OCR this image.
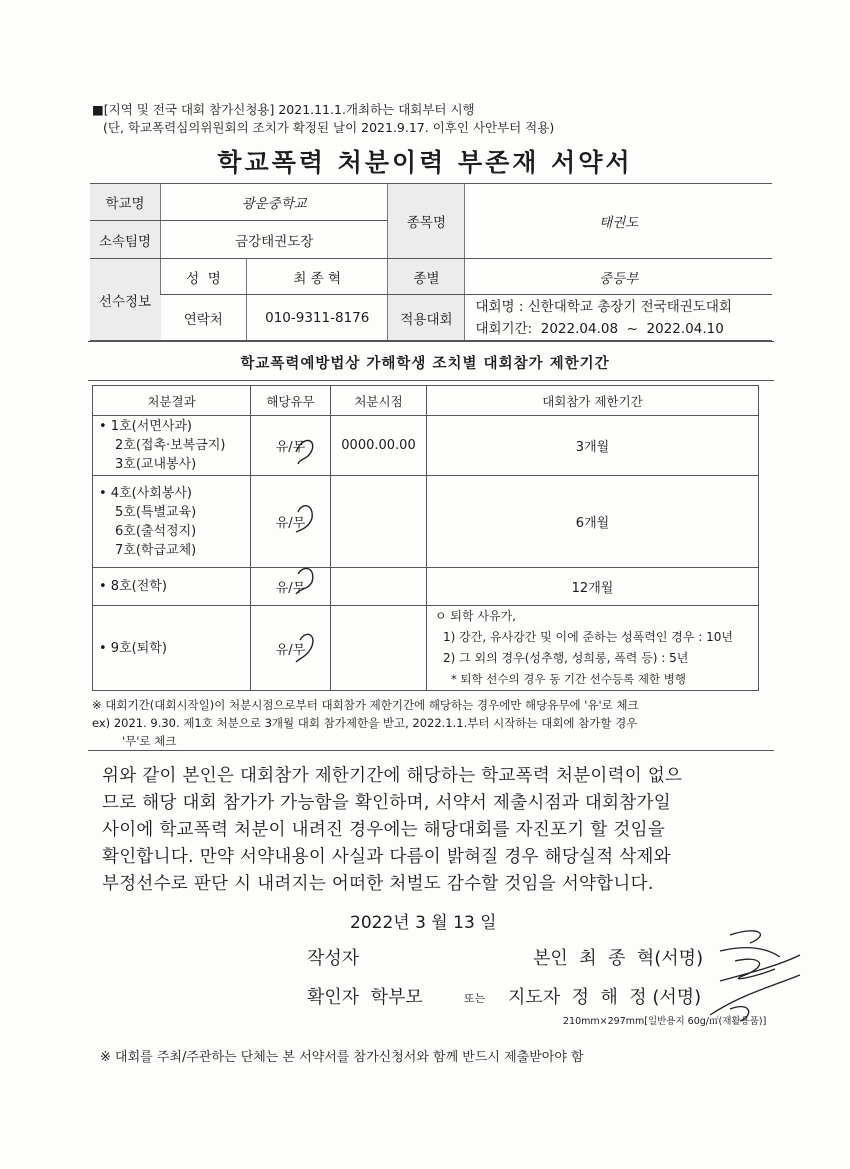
■[지역 및 전국 대회 참가신청용] 2021.11.1.개최하는 대회부터 시행
(단, 학교폭력심의위원회의 조치가 확정된 날이 2021.9.17. 이후인 사안부터 적용)
학교폭력 처분이력 부존재 서약서
학교명	광운중학교		종목명	태권도
소속팀명	금강태권도장			
선수정보	성  명	최 종 혁	종별	중등부
	연락처	010-9311-8176	적용대회	대회명 : 신한대학교 총장기 전국태권도대회
대회기간:  2022.04.08  ~  2022.04.10
학교폭력예방법상 가해학생 조치별 대회참가 제한기간
처분결과	해당유무	처분시점	대회참가 제한기간

• 1호(서면사과)
2호(접촉·보복금지)
3호(교내봉사)	유/무	0000.00.00	3개월

• 4호(사회봉사)
5호(특별교육)
6호(출석정지)
7호(학급교체)	유/무		6개월

• 8호(전학)	유/무		12개월

• 9호(퇴학)	유/무		ㅇ 퇴학 사유가,
1) 강간, 유사강간 및 이에 준하는 성폭력인 경우 : 10년
2) 그 외의 경우(성추행, 성희롱, 폭력 등) : 5년
* 퇴학 선수의 경우 동 기간 선수등록 제한 병행
※ 대회기간(대회시작일)이 처분시점으로부터 대회참가 제한기간에 해당하는 경우에만 해당유무에 '유'로 체크
ex) 2021. 9.30. 제1호 처분으로 3개월 대회 참가제한을 받고, 2022.1.1.부터 시작하는 대회에 참가할 경우
'무'로 체크
위와 같이 본인은 대회참가 제한기간에 해당하는 학교폭력 처분이력이 없으
므로 해당 대회 참가가 가능함을 확인하며, 서약서 제출시점과 대회참가일
사이에 학교폭력 처분이 내려진 경우에는 해당대회를 자진포기 할 것임을
확인합니다. 만약 서약내용이 사실과 다름이 밝혀질 경우 해당실적 삭제와
부정선수로 판단 시 내려지는 어떠한 처벌도 감수할 것임을 서약합니다.
2022년 3 월 13 일
작성자	본인  최  종  혁(서명)
확인자  학부모	또는 지도자  정  해  정 (서명)
210mm×297mm[일반용지 60g/㎡(재활용품)]
※ 대회를 주최/주관하는 단체는 본 서약서를 참가신청서와 함께 반드시 제출받아야 함
